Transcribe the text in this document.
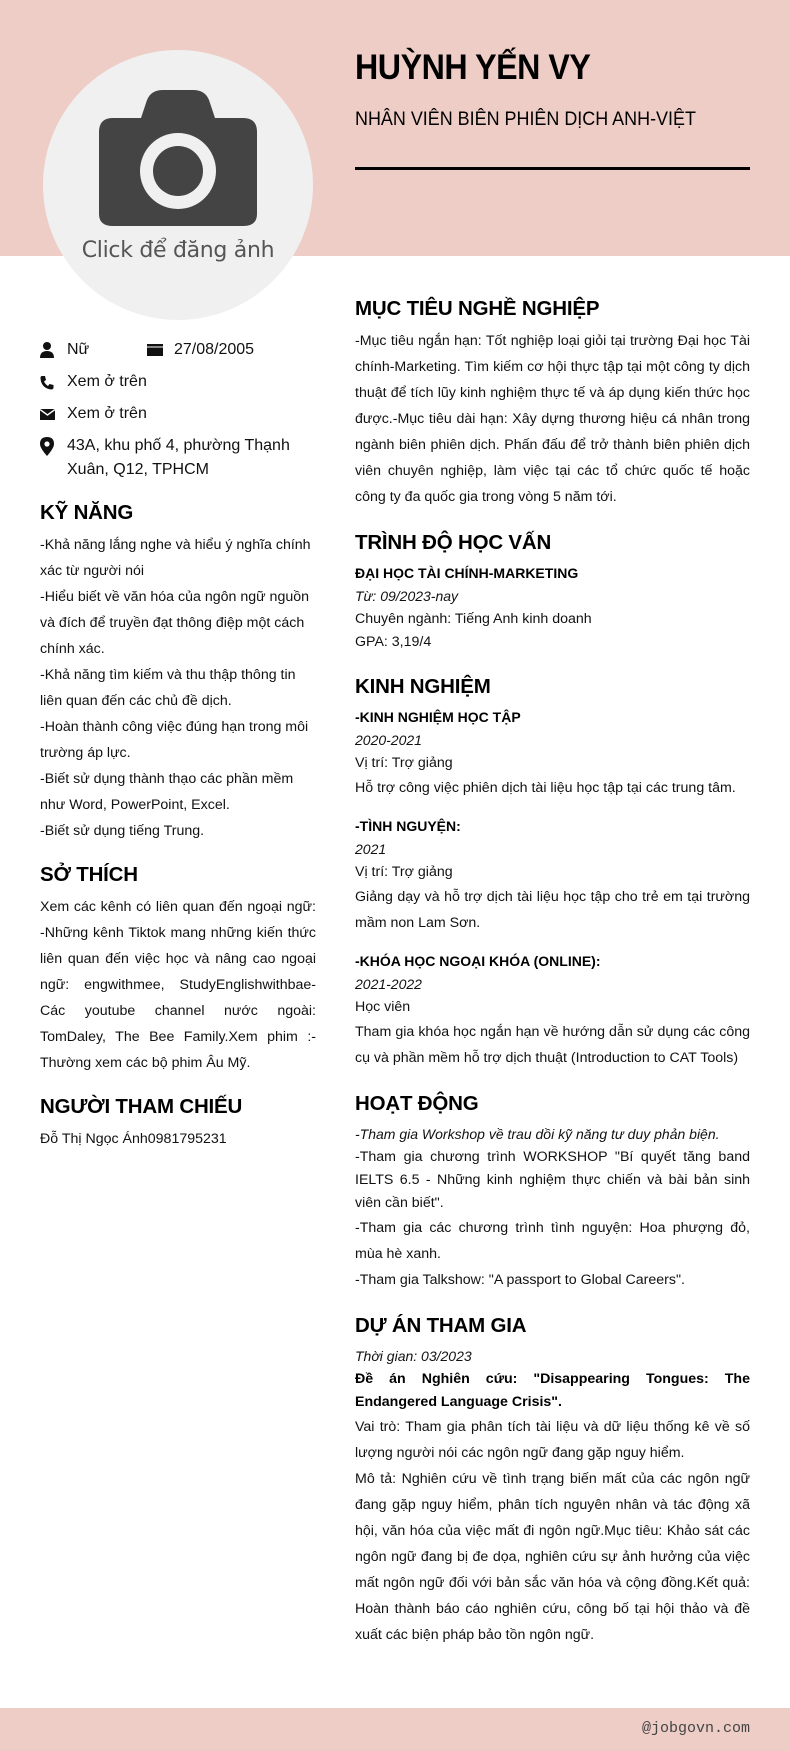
Click để đăng ảnh
HUỲNH YẾN VY
NHÂN VIÊN BIÊN PHIÊN DỊCH ANH-VIỆT
Nữ	27/08/2005
Xem ở trên
Xem ở trên
43A, khu phố 4, phường Thạnh Xuân, Q12, TPHCM
KỸ NĂNG
-Khả năng lắng nghe và hiểu ý nghĩa chính xác từ người nói
-Hiểu biết về văn hóa của ngôn ngữ nguồn và đích để truyền đạt thông điệp một cách chính xác.
-Khả năng tìm kiếm và thu thập thông tin liên quan đến các chủ đề dịch.
-Hoàn thành công việc đúng hạn trong môi trường áp lực.
-Biết sử dụng thành thạo các phần mềm như Word, PowerPoint, Excel.
-Biết sử dụng tiếng Trung.
SỞ THÍCH
Xem các kênh có liên quan đến ngoại ngữ: -Những kênh Tiktok mang những kiến thức liên quan đến việc học và nâng cao ngoại ngữ: engwithmee, StudyEnglishwithbae- Các youtube channel nước ngoài: TomDaley, The Bee Family.Xem phim :- Thường xem các bộ phim Âu Mỹ.
NGƯỜI THAM CHIẾU
Đỗ Thị Ngọc Ánh0981795231
MỤC TIÊU NGHỀ NGHIỆP
-Mục tiêu ngắn hạn: Tốt nghiệp loại giỏi tại trường Đại học Tài chính-Marketing. Tìm kiếm cơ hội thực tập tại một công ty dịch thuật để tích lũy kinh nghiệm thực tế và áp dụng kiến thức học được.-Mục tiêu dài hạn: Xây dựng thương hiệu cá nhân trong ngành biên phiên dịch. Phấn đấu để trở thành biên phiên dịch viên chuyên nghiệp, làm việc tại các tổ chức quốc tế hoặc công ty đa quốc gia trong vòng 5 năm tới.
TRÌNH ĐỘ HỌC VẤN
ĐẠI HỌC TÀI CHÍNH-MARKETING
Từ: 09/2023-nay
Chuyên ngành: Tiếng Anh kinh doanh
GPA: 3,19/4
KINH NGHIỆM
-KINH NGHIỆM HỌC TẬP
2020-2021
Vị trí: Trợ giảng
Hỗ trợ công việc phiên dịch tài liệu học tập tại các trung tâm.
-TÌNH NGUYỆN:
2021
Vị trí: Trợ giảng
Giảng dạy và hỗ trợ dịch tài liệu học tập cho trẻ em tại trường mầm non Lam Sơn.
-KHÓA HỌC NGOẠI KHÓA (ONLINE):
2021-2022
Học viên
Tham gia khóa học ngắn hạn về hướng dẫn sử dụng các công cụ và phần mềm hỗ trợ dịch thuật (Introduction to CAT Tools)
HOẠT ĐỘNG
-Tham gia Workshop về trau dồi kỹ năng tư duy phản biện.
-Tham gia chương trình WORKSHOP "Bí quyết tăng band IELTS 6.5 - Những kinh nghiệm thực chiến và bài bản sinh viên cần biết".
-Tham gia các chương trình tình nguyện: Hoa phượng đỏ, mùa hè xanh.
-Tham gia Talkshow: "A passport to Global Careers".
DỰ ÁN THAM GIA
Thời gian: 03/2023
Đề án Nghiên cứu: "Disappearing Tongues: The Endangered Language Crisis".
Vai trò: Tham gia phân tích tài liệu và dữ liệu thống kê về số lượng người nói các ngôn ngữ đang gặp nguy hiểm.
Mô tả: Nghiên cứu về tình trạng biến mất của các ngôn ngữ đang gặp nguy hiểm, phân tích nguyên nhân và tác động xã hội, văn hóa của việc mất đi ngôn ngữ.Mục tiêu: Khảo sát các ngôn ngữ đang bị đe dọa, nghiên cứu sự ảnh hưởng của việc mất ngôn ngữ đối với bản sắc văn hóa và cộng đồng.Kết quả: Hoàn thành báo cáo nghiên cứu, công bố tại hội thảo và đề xuất các biện pháp bảo tồn ngôn ngữ.
@jobgovn.com
